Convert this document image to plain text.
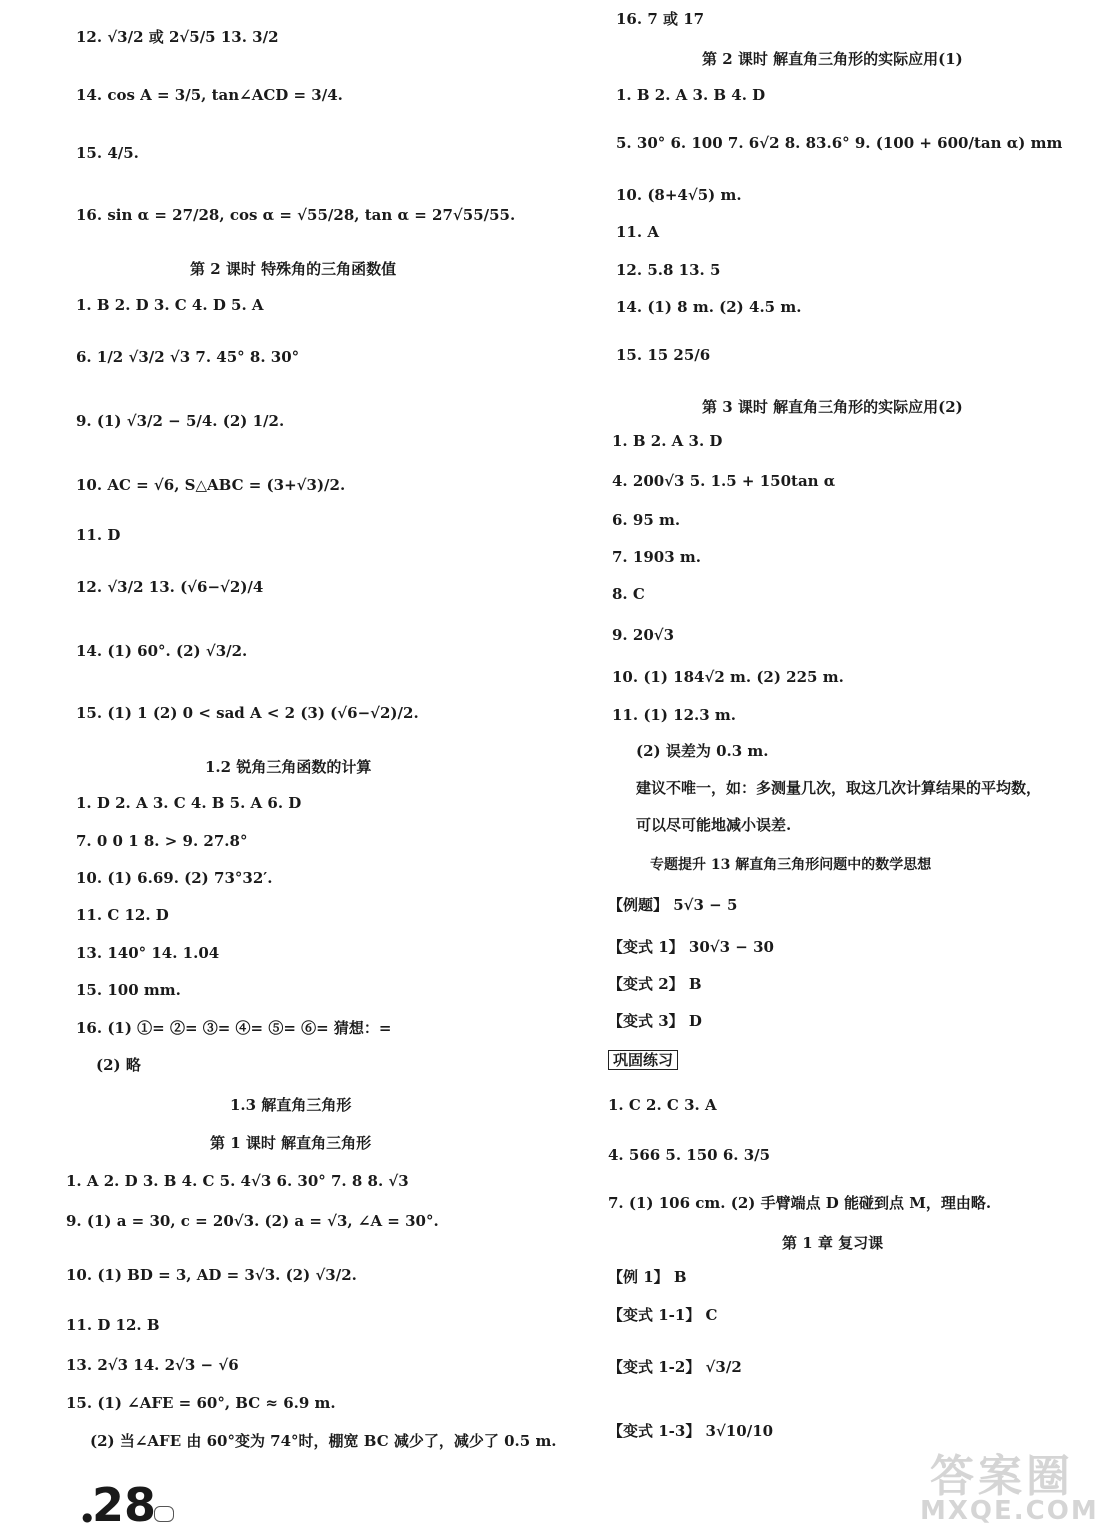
12. √3/2 或 2√5/5 13. 3/2
14. cos A = 3/5, tan∠ACD = 3/4.
15. 4/5.
16. sin α = 27/28, cos α = √55/28, tan α = 27√55/55.
第 2 课时 特殊角的三角函数值
1. B 2. D 3. C 4. D 5. A
6. 1/2 √3/2 √3 7. 45° 8. 30°
9. (1) √3/2 − 5/4. (2) 1/2.
10. AC = √6, S△ABC = (3+√3)/2.
11. D
12. √3/2 13. (√6−√2)/4
14. (1) 60°. (2) √3/2.
15. (1) 1 (2) 0 < sad A < 2 (3) (√6−√2)/2.
1.2 锐角三角函数的计算
1. D 2. A 3. C 4. B 5. A 6. D
7. 0 0 1 8. > 9. 27.8°
10. (1) 6.69. (2) 73°32′.
11. C 12. D
13. 140° 14. 1.04
15. 100 mm.
16. (1) ①= ②= ③= ④= ⑤= ⑥= 猜想：=
(2) 略
1.3 解直角三角形
第 1 课时 解直角三角形
1. A 2. D 3. B 4. C 5. 4√3 6. 30° 7. 8 8. √3
9. (1) a = 30, c = 20√3. (2) a = √3, ∠A = 30°.
10. (1) BD = 3, AD = 3√3. (2) √3/2.
11. D 12. B
13. 2√3 14. 2√3 − √6
15. (1) ∠AFE = 60°, BC ≈ 6.9 m.
(2) 当∠AFE 由 60°变为 74°时，棚宽 BC 减少了，减少了 0.5 m.
16. 7 或 17
第 2 课时 解直角三角形的实际应用(1)
1. B 2. A 3. B 4. D
5. 30° 6. 100 7. 6√2 8. 83.6° 9. (100 + 600/tan α) mm
10. (8+4√5) m.
11. A
12. 5.8 13. 5
14. (1) 8 m. (2) 4.5 m.
15. 15 25/6
第 3 课时 解直角三角形的实际应用(2)
1. B 2. A 3. D
4. 200√3 5. 1.5 + 150tan α
6. 95 m.
7. 1903 m.
8. C
9. 20√3
10. (1) 184√2 m. (2) 225 m.
11. (1) 12.3 m.
(2) 误差为 0.3 m.
建议不唯一，如：多测量几次，取这几次计算结果的平均数，
可以尽可能地减小误差.
专题提升 13 解直角三角形问题中的数学思想
【例题】 5√3 − 5
【变式 1】 30√3 − 30
【变式 2】 B
【变式 3】 D
巩固练习
1. C 2. C 3. A
4. 566 5. 150 6. 3/5
7. (1) 106 cm. (2) 手臂端点 D 能碰到点 M，理由略.
第 1 章 复习课
【例 1】 B
【变式 1-1】 C
【变式 1-2】 √3/2
【变式 1-3】 3√10/10
● 28
答案圈
MXQE.COM
